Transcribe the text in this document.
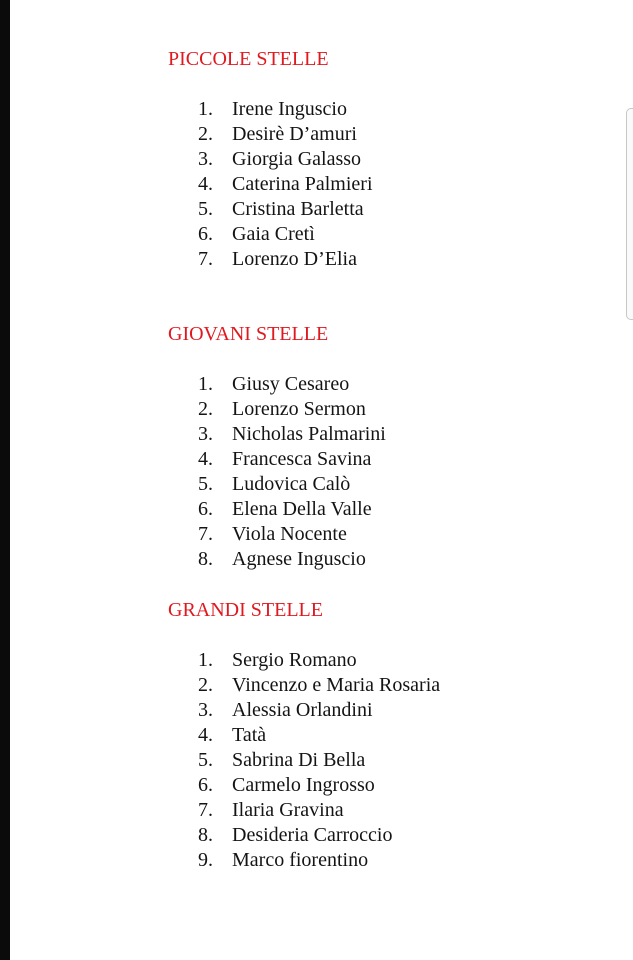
PICCOLE STELLE
1. Irene Inguscio
2. Desirè D’amuri
3. Giorgia Galasso
4. Caterina Palmieri
5. Cristina Barletta
6. Gaia Cretì
7. Lorenzo D’Elia
GIOVANI STELLE
1. Giusy Cesareo
2. Lorenzo Sermon
3. Nicholas Palmarini
4. Francesca Savina
5. Ludovica Calò
6. Elena Della Valle
7. Viola Nocente
8. Agnese Inguscio
GRANDI STELLE
1. Sergio Romano
2. Vincenzo e Maria Rosaria
3. Alessia Orlandini
4. Tatà
5. Sabrina Di Bella
6. Carmelo Ingrosso
7. Ilaria Gravina
8. Desideria Carroccio
9. Marco fiorentino
